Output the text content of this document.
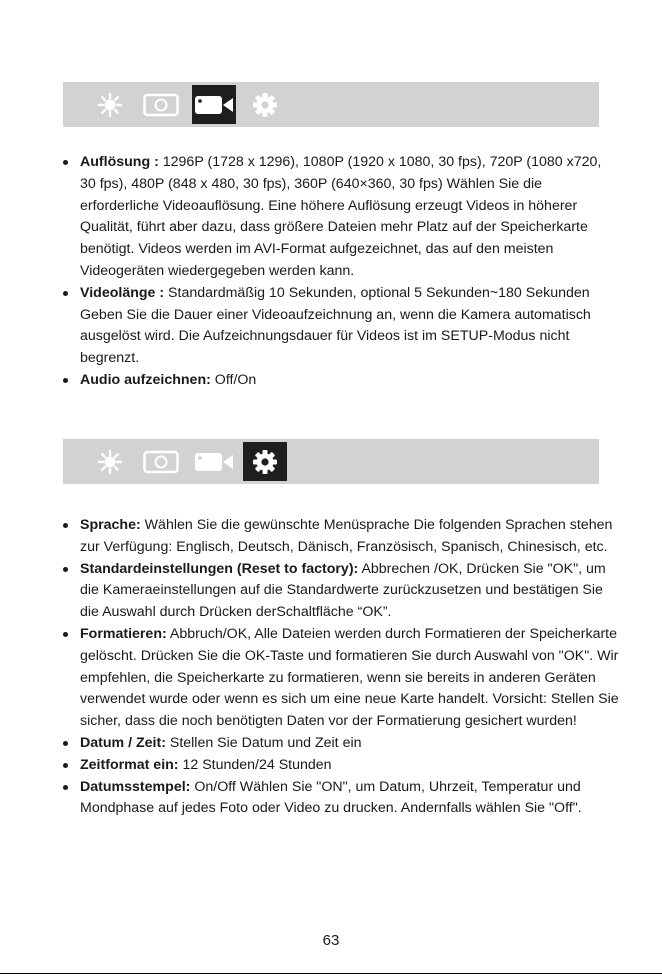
Auflösung : 1296P (1728 x 1296), 1080P (1920 x 1080, 30 fps), 720P (1080 x720, 30 fps), 480P (848 x 480, 30 fps), 360P (640×360, 30 fps) Wählen Sie die erforderliche Videoauflösung. Eine höhere Auflösung erzeugt Videos in höherer Qualität, führt aber dazu, dass größere Dateien mehr Platz auf der Speicherkarte benötigt. Videos werden im AVI-Format aufgezeichnet, das auf den meisten Videogeräten wiedergegeben werden kann.
Videolänge : Standardmäßig 10 Sekunden, optional 5 Sekunden~180 Sekunden Geben Sie die Dauer einer Videoaufzeichnung an, wenn die Kamera automatisch ausgelöst wird. Die Aufzeichnungsdauer für Videos ist im SETUP-Modus nicht begrenzt.
Audio aufzeichnen: Off/On
Sprache: Wählen Sie die gewünschte Menüsprache Die folgenden Sprachen stehen zur Verfügung: Englisch, Deutsch, Dänisch, Französisch, Spanisch, Chinesisch, etc.
Standardeinstellungen (Reset to factory): Abbrechen /OK, Drücken Sie "OK", um die Kameraeinstellungen auf die Standardwerte zurückzusetzen und bestätigen Sie die Auswahl durch Drücken derSchaltfläche “OK”.
Formatieren: Abbruch/OK, Alle Dateien werden durch Formatieren der Speicherkarte gelöscht. Drücken Sie die OK-Taste und formatieren Sie durch Auswahl von "OK". Wir empfehlen, die Speicherkarte zu formatieren, wenn sie bereits in anderen Geräten verwendet wurde oder wenn es sich um eine neue Karte handelt. Vorsicht: Stellen Sie sicher, dass die noch benötigten Daten vor der Formatierung gesichert wurden!
Datum / Zeit: Stellen Sie Datum und Zeit ein
Zeitformat ein: 12 Stunden/24 Stunden
Datumsstempel: On/Off Wählen Sie "ON", um Datum, Uhrzeit, Temperatur und Mondphase auf jedes Foto oder Video zu drucken. Andernfalls wählen Sie "Off".
63
